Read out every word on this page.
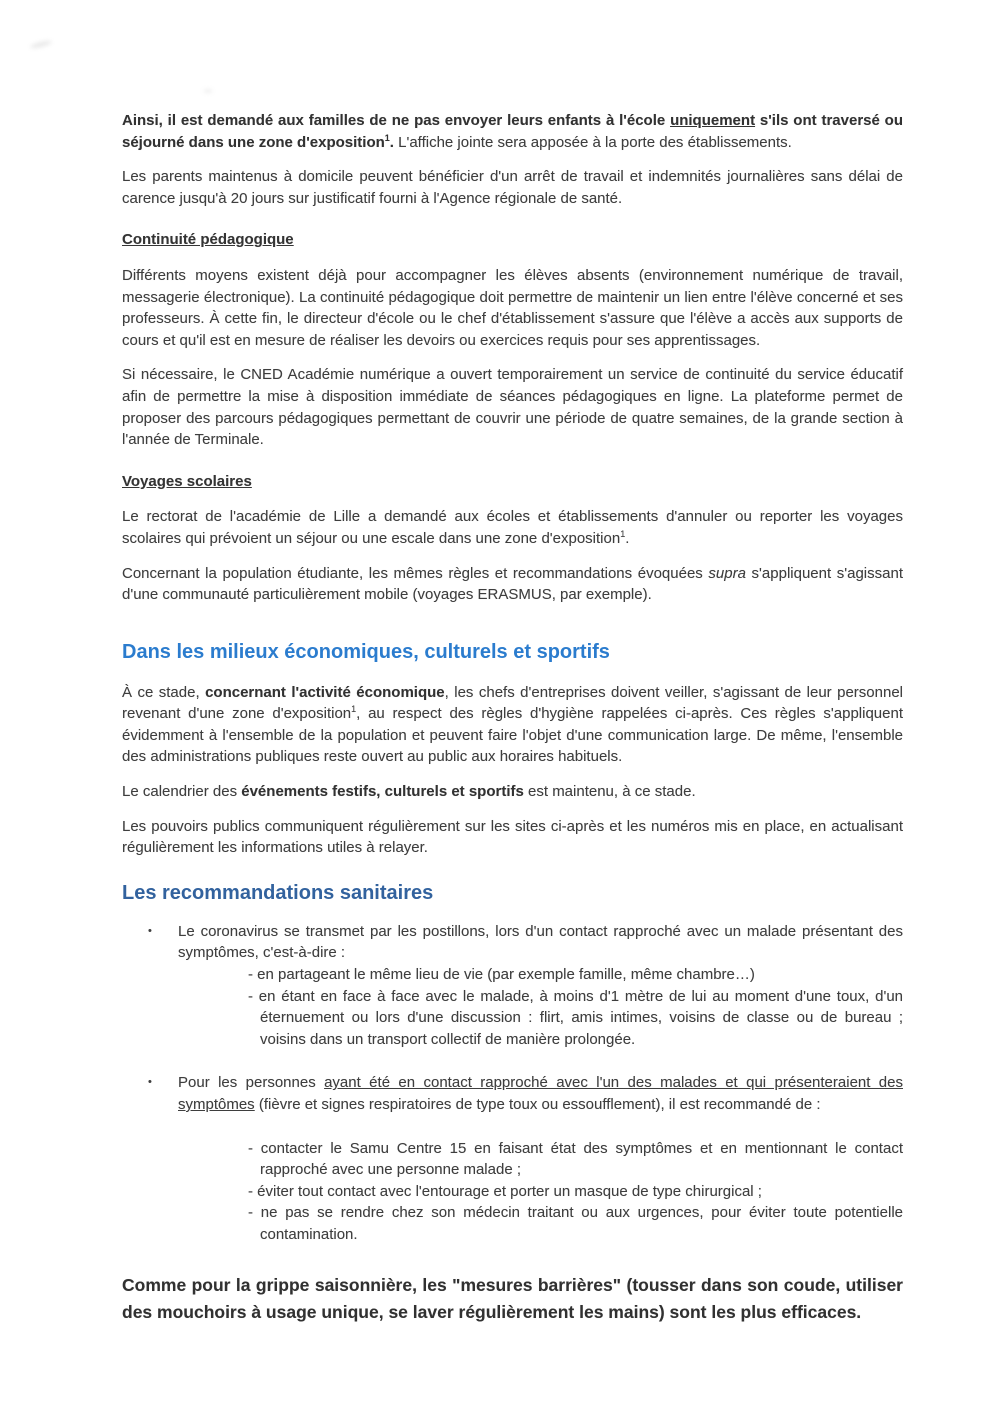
Ainsi, il est demandé aux familles de ne pas envoyer leurs enfants à l'école uniquement s'ils ont traversé ou séjourné dans une zone d'exposition$^1$. L'affiche jointe sera apposée à la porte des établissements.

Les parents maintenus à domicile peuvent bénéficier d'un arrêt de travail et indemnités journalières sans délai de carence jusqu'à 20 jours sur justificatif fourni à l'Agence régionale de santé.

Continuité pédagogique

Différents moyens existent déjà pour accompagner les élèves absents (environnement numérique de travail, messagerie électronique). La continuité pédagogique doit permettre de maintenir un lien entre l'élève concerné et ses professeurs. À cette fin, le directeur d'école ou le chef d'établissement s'assure que l'élève a accès aux supports de cours et qu'il est en mesure de réaliser les devoirs ou exercices requis pour ses apprentissages.

Si nécessaire, le CNED Académie numérique a ouvert temporairement un service de continuité du service éducatif afin de permettre la mise à disposition immédiate de séances pédagogiques en ligne. La plateforme permet de proposer des parcours pédagogiques permettant de couvrir une période de quatre semaines, de la grande section à l'année de Terminale.

Voyages scolaires

Le rectorat de l'académie de Lille a demandé aux écoles et établissements d'annuler ou reporter les voyages scolaires qui prévoient un séjour ou une escale dans une zone d'exposition$^1$.

Concernant la population étudiante, les mêmes règles et recommandations évoquées supra s'appliquent s'agissant d'une communauté particulièrement mobile (voyages ERASMUS, par exemple).

Dans les milieux économiques, culturels et sportifs

À ce stade, concernant l'activité économique, les chefs d'entreprises doivent veiller, s'agissant de leur personnel revenant d'une zone d'exposition$^1$, au respect des règles d'hygiène rappelées ci-après. Ces règles s'appliquent évidemment à l'ensemble de la population et peuvent faire l'objet d'une communication large. De même, l'ensemble des administrations publiques reste ouvert au public aux horaires habituels.

Le calendrier des événements festifs, culturels et sportifs est maintenu, à ce stade.

Les pouvoirs publics communiquent régulièrement sur les sites ci-après et les numéros mis en place, en actualisant régulièrement les informations utiles à relayer.

Les recommandations sanitaires

• Le coronavirus se transmet par les postillons, lors d'un contact rapproché avec un malade présentant des symptômes, c'est-à-dire :

- en partageant le même lieu de vie (par exemple famille, même chambre…)

- en étant en face à face avec le malade, à moins d'1 mètre de lui au moment d'une toux, d'un éternuement ou lors d'une discussion : flirt, amis intimes, voisins de classe ou de bureau ; voisins dans un transport collectif de manière prolongée.

• Pour les personnes ayant été en contact rapproché avec l'un des malades et qui présenteraient des symptômes (fièvre et signes respiratoires de type toux ou essoufflement), il est recommandé de :

- contacter le Samu Centre 15 en faisant état des symptômes et en mentionnant le contact rapproché avec une personne malade ;

- éviter tout contact avec l'entourage et porter un masque de type chirurgical ;

- ne pas se rendre chez son médecin traitant ou aux urgences, pour éviter toute potentielle contamination.

Comme pour la grippe saisonnière, les "mesures barrières" (tousser dans son coude, utiliser des mouchoirs à usage unique, se laver régulièrement les mains) sont les plus efficaces.
